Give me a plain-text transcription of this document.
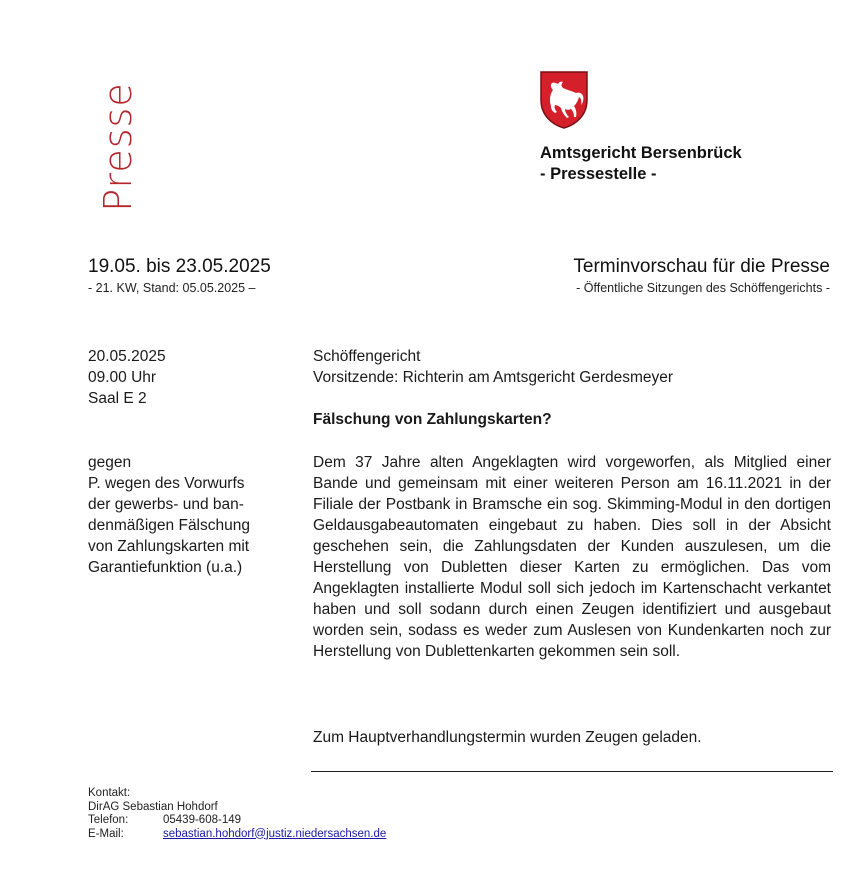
Presse	Amtsgericht Bersenbrück
- Pressestelle -
19.05. bis 23.05.2025
- 21. KW, Stand: 05.05.2025 –
Terminvorschau für die Presse
- Öffentliche Sitzungen des Schöffengerichts -
20.05.2025
09.00 Uhr
Saal E 2
gegen
P. wegen des Vorwurfs
der gewerbs- und ban-
denmäßigen Fälschung
von Zahlungskarten mit
Garantiefunktion (u.a.)
Schöffengericht
Vorsitzende: Richterin am Amtsgericht Gerdesmeyer
Fälschung von Zahlungskarten?

Dem 37 Jahre alten Angeklagten wird vorgeworfen, als Mitglied einer Bande und gemeinsam mit einer weiteren Person am 16.11.2021 in der Filiale der Postbank in Bramsche ein sog. Skimming-Modul in den dortigen Geldausgabeautomaten eingebaut zu haben. Dies soll in der Absicht geschehen sein, die Zahlungsdaten der Kunden auszulesen, um die Herstellung von Dubletten dieser Karten zu ermöglichen. Das vom Angeklagten installierte Modul soll sich jedoch im Kartenschacht verkantet haben und soll sodann durch einen Zeugen identifiziert und ausgebaut worden sein, sodass es weder zum Auslesen von Kundenkarten noch zur Herstellung von Dublettenkarten gekommen sein soll.

Zum Hauptverhandlungstermin wurden Zeugen geladen.
Kontakt:
DirAG Sebastian Hohdorf
Telefon:	05439-608-149
E-Mail:	sebastian.hohdorf@justiz.niedersachsen.de
